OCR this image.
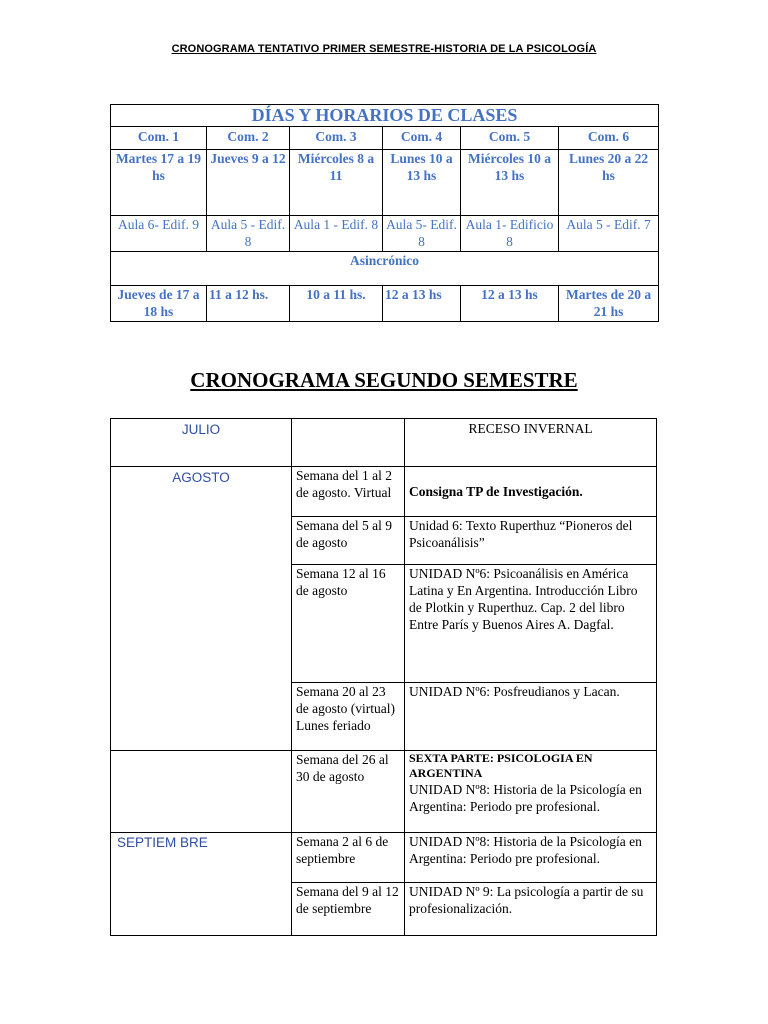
CRONOGRAMA TENTATIVO PRIMER SEMESTRE-HISTORIA DE LA PSICOLOGÍA
DÍAS Y HORARIOS DE CLASES					
Com. 1	Com. 2	Com. 3	Com. 4	Com. 5	Com. 6
Martes 17 a 19 hs	Jueves 9 a 12	Miércoles 8 a 11	Lunes 10 a 13 hs	Miércoles 10 a 13 hs	Lunes 20 a 22 hs
Aula 6- Edif. 9	Aula 5 - Edif. 8	Aula 1 - Edif. 8	Aula 5- Edif. 8	Aula 1- Edificio 8	Aula 5 - Edif. 7
Asincrónico					
Jueves de 17 a 18 hs	11 a 12 hs.	10 a 11 hs.	12 a 13 hs	12 a 13 hs	Martes de 20 a 21 hs
CRONOGRAMA SEGUNDO SEMESTRE
JULIO		RECESO INVERNAL
AGOSTO	Semana del 1 al 2 de agosto. Virtual	Consigna TP de Investigación.
	Semana del 5 al 9 de agosto	Unidad 6: Texto Ruperthuz “Pioneros del Psicoanálisis”
	Semana 12 al 16 de agosto	UNIDAD Nº6: Psicoanálisis en América Latina y En Argentina. Introducción Libro de Plotkin y Ruperthuz. Cap. 2 del libro Entre París y Buenos Aires A. Dagfal.
	Semana 20 al 23 de agosto (virtual) Lunes feriado	UNIDAD Nº6: Posfreudianos y Lacan.
	Semana del 26 al 30 de agosto	SEXTA PARTE: PSICOLOGIA EN ARGENTINA
UNIDAD Nº8: Historia de la Psicología en Argentina: Periodo pre profesional.

SEPTIEM BRE	Semana 2 al 6 de septiembre	UNIDAD Nº8: Historia de la Psicología en Argentina: Periodo pre profesional.
	Semana del 9 al 12 de septiembre	UNIDAD Nº 9: La psicología a partir de su profesionalización.
